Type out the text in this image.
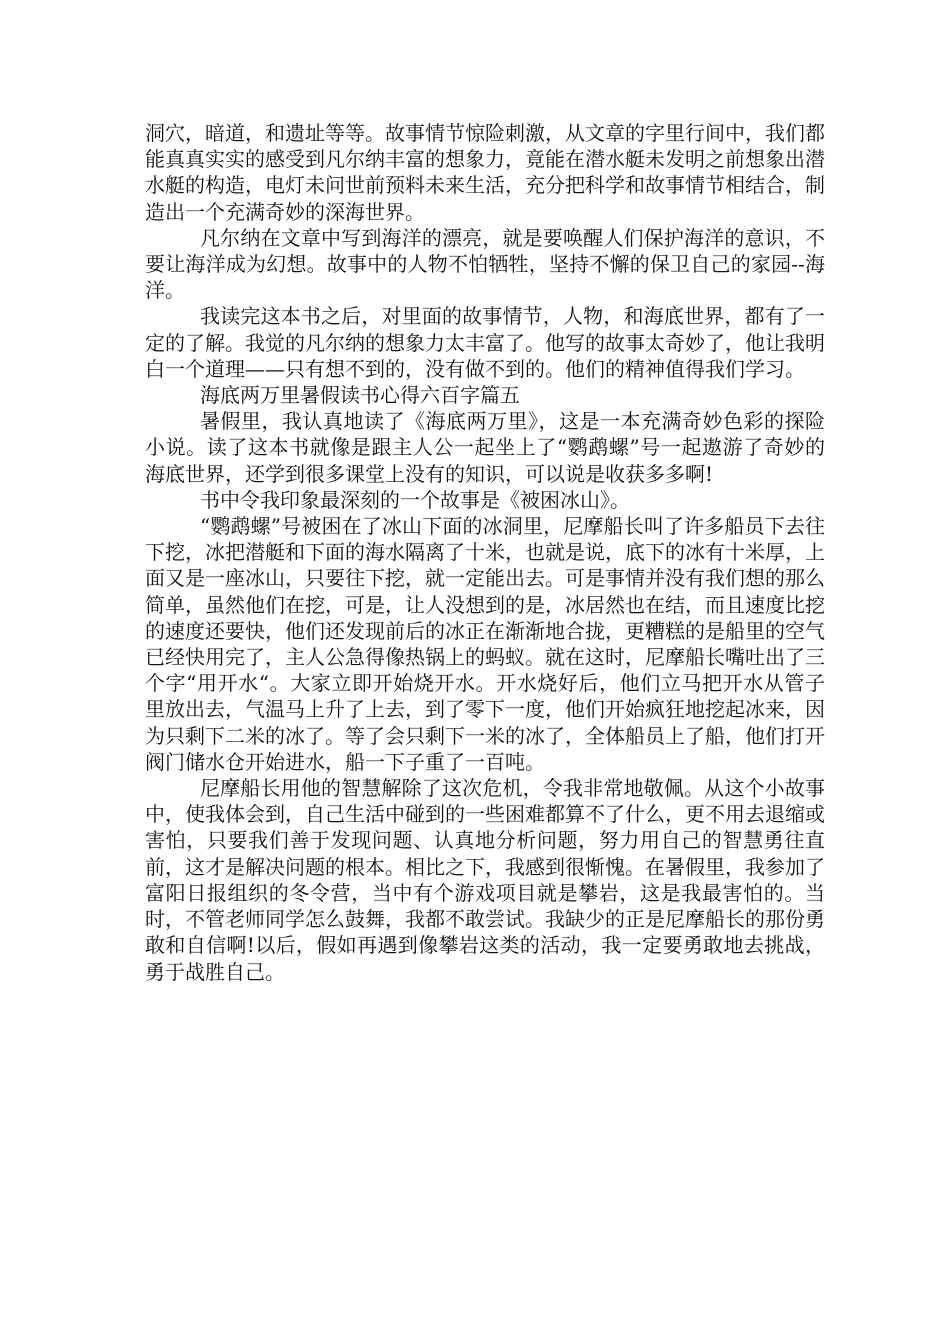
洞穴，暗道，和遗址等等。故事情节惊险刺激，从文章的字里行间中，我们都能真真实实的感受到凡尔纳丰富的想象力，竟能在潜水艇未发明之前想象出潜水艇的构造，电灯未问世前预料未来生活，充分把科学和故事情节相结合，制造出一个充满奇妙的深海世界。

凡尔纳在文章中写到海洋的漂亮，就是要唤醒人们保护海洋的意识，不要让海洋成为幻想。故事中的人物不怕牺牲，坚持不懈的保卫自己的家园--海洋。

我读完这本书之后，对里面的故事情节，人物，和海底世界，都有了一定的了解。我觉的凡尔纳的想象力太丰富了。他写的故事太奇妙了，他让我明白一个道理——只有想不到的，没有做不到的。他们的精神值得我们学习。

海底两万里暑假读书心得六百字篇五

暑假里，我认真地读了《海底两万里》，这是一本充满奇妙色彩的探险小说。读了这本书就像是跟主人公一起坐上了“鹦鹉螺”号一起遨游了奇妙的海底世界，还学到很多课堂上没有的知识，可以说是收获多多啊!

书中令我印象最深刻的一个故事是《被困冰山》。

“鹦鹉螺”号被困在了冰山下面的冰洞里，尼摩船长叫了许多船员下去往下挖，冰把潜艇和下面的海水隔离了十米，也就是说，底下的冰有十米厚，上面又是一座冰山，只要往下挖，就一定能出去。可是事情并没有我们想的那么简单，虽然他们在挖，可是，让人没想到的是，冰居然也在结，而且速度比挖的速度还要快，他们还发现前后的冰正在渐渐地合拢，更糟糕的是船里的空气已经快用完了，主人公急得像热锅上的蚂蚁。就在这时，尼摩船长嘴吐出了三个字“用开水“。大家立即开始烧开水。开水烧好后，他们立马把开水从管子里放出去，气温马上升了上去，到了零下一度，他们开始疯狂地挖起冰来，因为只剩下二米的冰了。等了会只剩下一米的冰了，全体船员上了船，他们打开阀门储水仓开始进水，船一下子重了一百吨。

尼摩船长用他的智慧解除了这次危机，令我非常地敬佩。从这个小故事中，使我体会到，自己生活中碰到的一些困难都算不了什么，更不用去退缩或害怕，只要我们善于发现问题、认真地分析问题，努力用自己的智慧勇往直前，这才是解决问题的根本。相比之下，我感到很惭愧。在暑假里，我参加了富阳日报组织的冬令营，当中有个游戏项目就是攀岩，这是我最害怕的。当时，不管老师同学怎么鼓舞，我都不敢尝试。我缺少的正是尼摩船长的那份勇敢和自信啊!以后，假如再遇到像攀岩这类的活动，我一定要勇敢地去挑战，勇于战胜自己。
